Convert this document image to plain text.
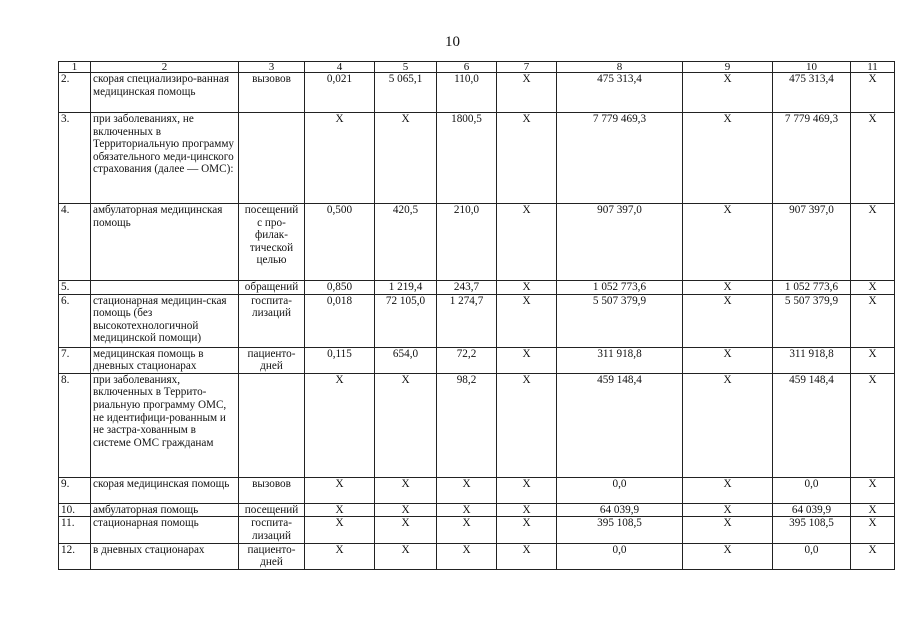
10
1	2	3	4	5	6	7	8	9	10	11
2.	скорая специализиро-ванная медицинская помощь	вызовов	0,021	5 065,1	110,0	Х	475 313,4	Х	475 313,4	Х
3.	при заболеваниях, не включенных в Территориальную программу обязательного меди-цинского страхования (далее — ОМС):		Х	Х	1800,5	Х	7 779 469,3	Х	7 779 469,3	Х
4.	амбулаторная медицинская помощь	посещений с про-филак-тической целью	0,500	420,5	210,0	Х	907 397,0	Х	907 397,0	Х
5.		обращений	0,850	1 219,4	243,7	Х	1 052 773,6	Х	1 052 773,6	Х
6.	стационарная медицин-ская помощь (без высокотехнологичной медицинской помощи)	госпита-лизаций	0,018	72 105,0	1 274,7	Х	5 507 379,9	Х	5 507 379,9	Х
7.	медицинская помощь в дневных стационарах	пациенто-дней	0,115	654,0	72,2	Х	311 918,8	Х	311 918,8	Х
8.	при заболеваниях, включенных в Террито-риальную программу ОМС, не идентифици-рованным и не застра-хованным в системе ОМС гражданам		Х	Х	98,2	Х	459 148,4	Х	459 148,4	Х
9.	скорая медицинская помощь	вызовов	Х	Х	Х	Х	0,0	Х	0,0	Х
10.	амбулаторная помощь	посещений	Х	Х	Х	Х	64 039,9	Х	64 039,9	Х
11.	стационарная помощь	госпита-лизаций	Х	Х	Х	Х	395 108,5	Х	395 108,5	Х
12.	в дневных стационарах	пациенто-дней	Х	Х	Х	Х	0,0	Х	0,0	Х
